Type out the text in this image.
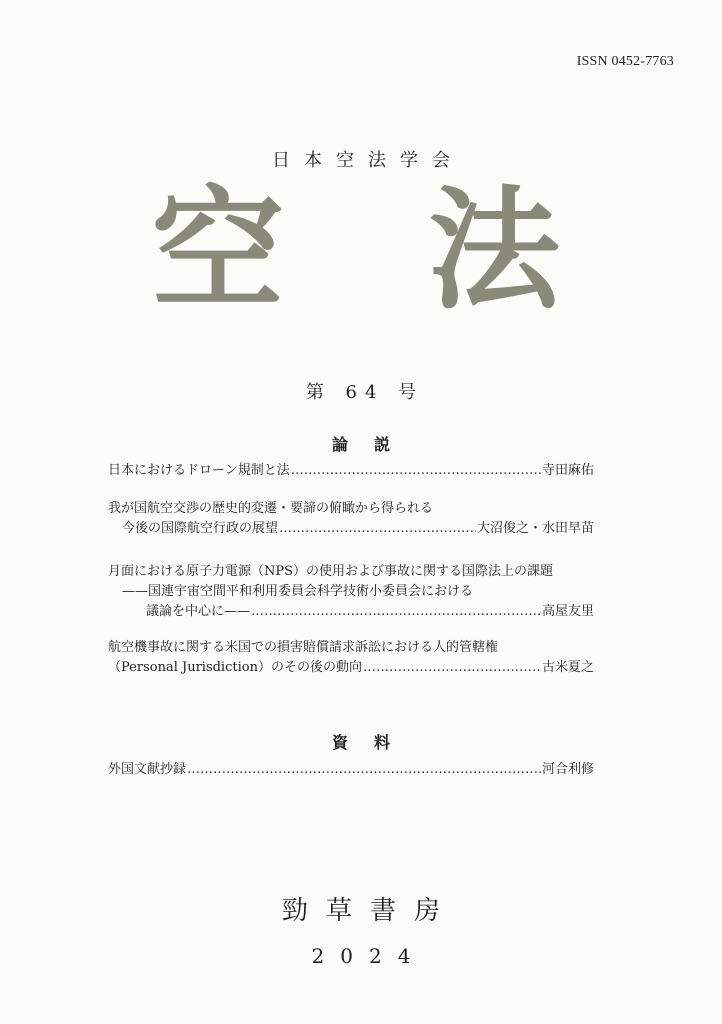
ISSN 0452-7763
日本空法学会
空 法
第 64 号
論説
日本におけるドローン規制と法 …………………………………………………………………………………………………………………………………………	寺田麻佑
我が国航空交渉の歴史的変遷・要諦の俯瞰から得られる
今後の国際航空行政の展望 …………………………………………………………………………………………………………………………………………	大沼俊之・水田早苗
月面における原子力電源（NPS）の使用および事故に関する国際法上の課題
——国連宇宙空間平和利用委員会科学技術小委員会における
議論を中心に—— …………………………………………………………………………………………………………………………………………	高屋友里
航空機事故に関する米国での損害賠償請求訴訟における人的管轄権
（Personal Jurisdiction）のその後の動向 …………………………………………………………………………………………………………………………………………	古米夏之
資料
外国文献抄録 …………………………………………………………………………………………………………………………………………	河合利修
勁草書房
2024
